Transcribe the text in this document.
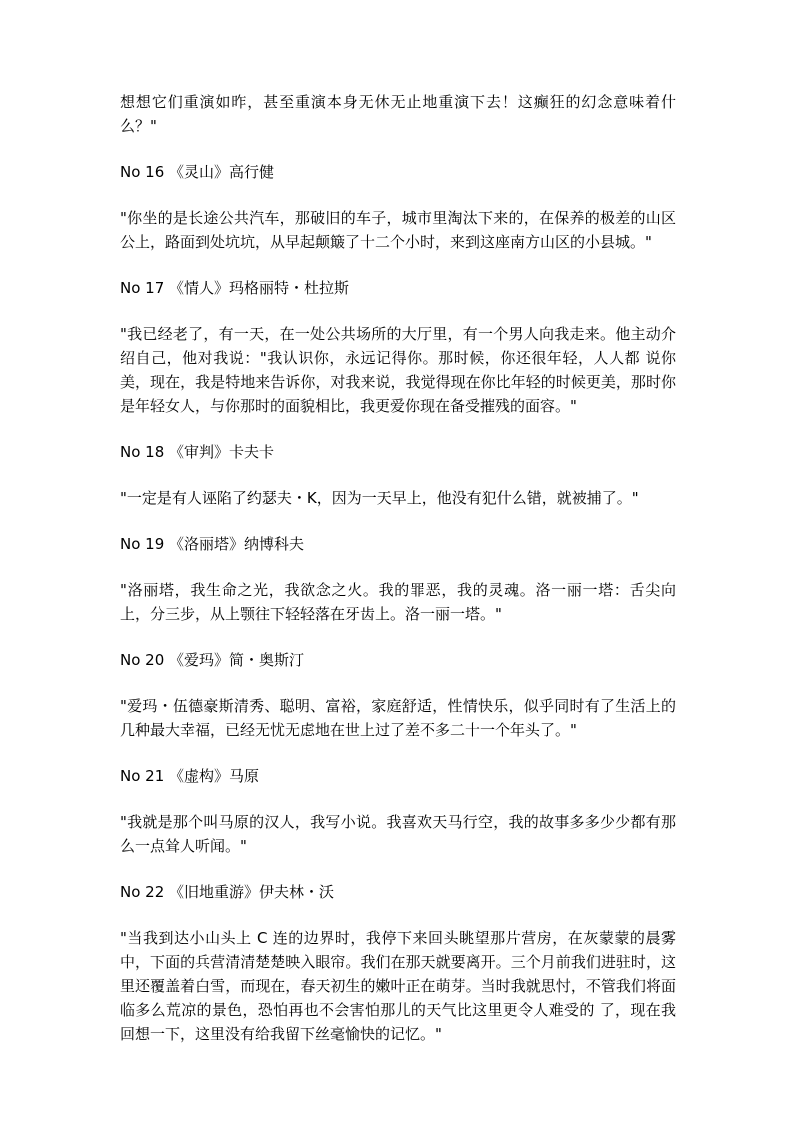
想想它们重演如昨，甚至重演本身无休无止地重演下去！这癫狂的幻念意味着什么？"

No 16 《灵山》高行健

"你坐的是长途公共汽车，那破旧的车子，城市里淘汰下来的，在保养的极差的山区公上，路面到处坑坑，从早起颠簸了十二个小时，来到这座南方山区的小县城。"

No 17 《情人》玛格丽特・杜拉斯

"我已经老了，有一天，在一处公共场所的大厅里，有一个男人向我走来。他主动介绍自己，他对我说："我认识你，永远记得你。那时候，你还很年轻，人人都 说你美，现在，我是特地来告诉你，对我来说，我觉得现在你比年轻的时候更美，那时你是年轻女人，与你那时的面貌相比，我更爱你现在备受摧残的面容。"

No 18 《审判》卡夫卡

"一定是有人诬陷了约瑟夫・K，因为一天早上，他没有犯什么错，就被捕了。"

No 19 《洛丽塔》纳博科夫

"洛丽塔，我生命之光，我欲念之火。我的罪恶，我的灵魂。洛一丽一塔：舌尖向上，分三步，从上颚往下轻轻落在牙齿上。洛一丽一塔。"

No 20 《爱玛》简・奥斯汀

"爱玛・伍德豪斯清秀、聪明、富裕，家庭舒适，性情快乐，似乎同时有了生活上的几种最大幸福，已经无忧无虑地在世上过了差不多二十一个年头了。"

No 21 《虚构》马原

"我就是那个叫马原的汉人，我写小说。我喜欢天马行空，我的故事多多少少都有那么一点耸人听闻。"

No 22 《旧地重游》伊夫林・沃

"当我到达小山头上 C 连的边界时，我停下来回头眺望那片营房，在灰蒙蒙的晨雾中，下面的兵营清清楚楚映入眼帘。我们在那天就要离开。三个月前我们进驻时，这里还覆盖着白雪，而现在，春天初生的嫩叶正在萌芽。当时我就思忖，不管我们将面临多么荒凉的景色，恐怕再也不会害怕那儿的天气比这里更令人难受的 了，现在我回想一下，这里没有给我留下丝毫愉快的记忆。"
